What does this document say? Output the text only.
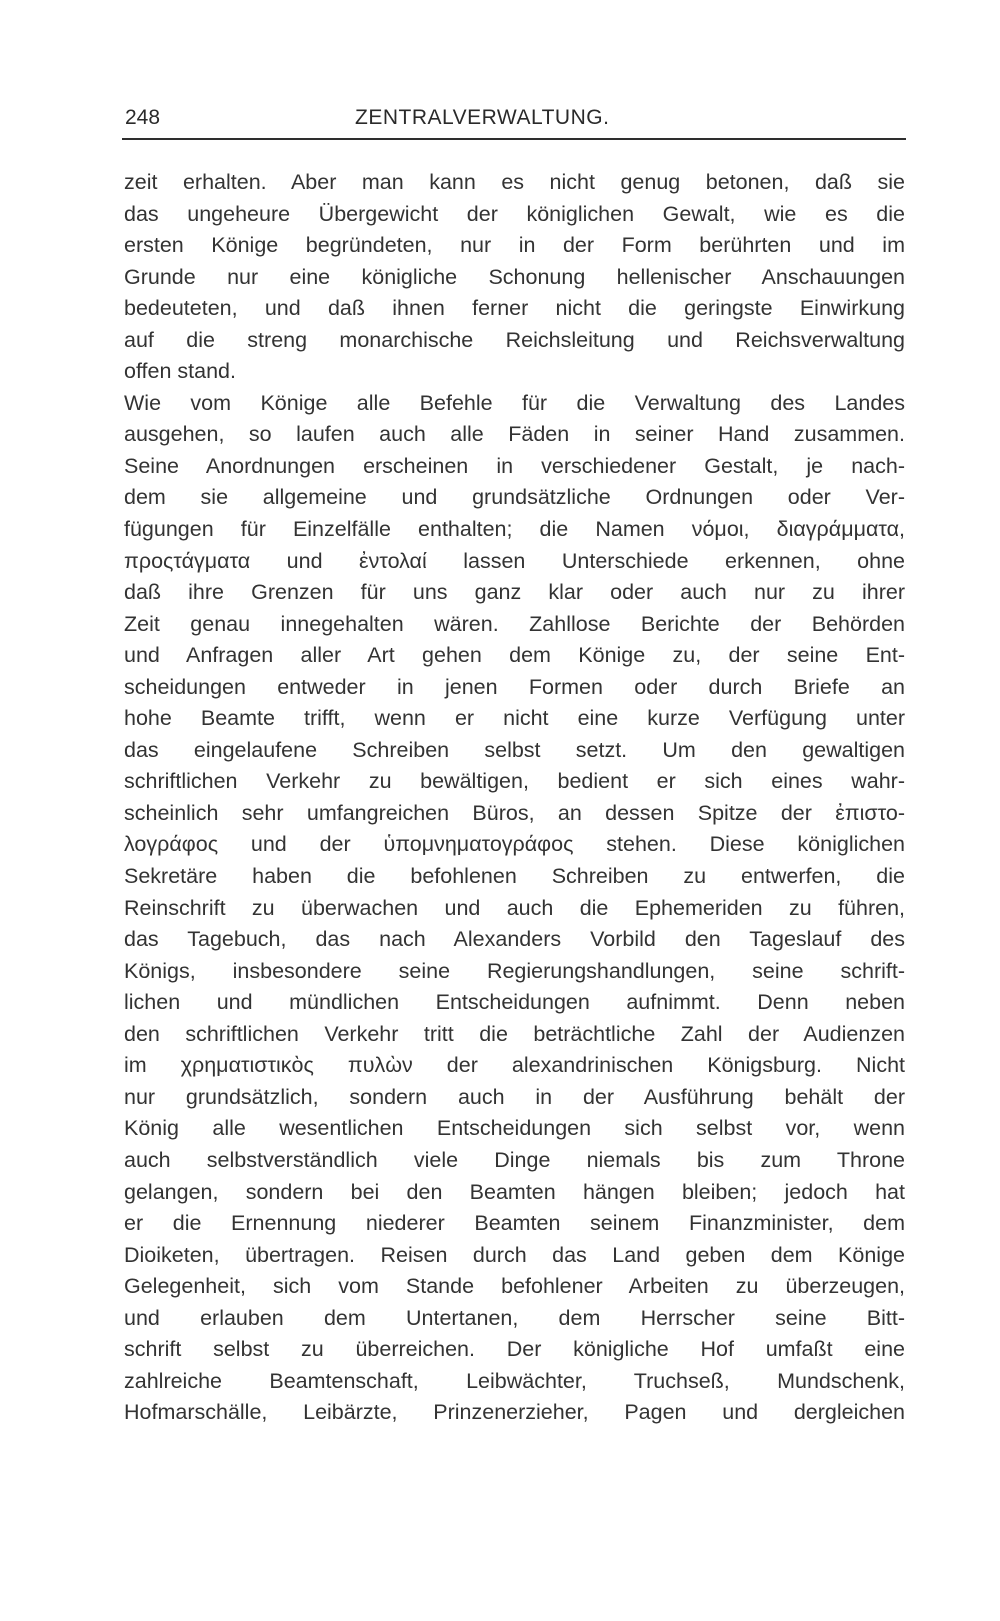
248	ZENTRALVERWALTUNG.
zeit erhalten. Aber man kann es nicht genug betonen, daß sie
das ungeheure Übergewicht der königlichen Gewalt, wie es die
ersten Könige begründeten, nur in der Form berührten und im
Grunde nur eine königliche Schonung hellenischer Anschauungen
bedeuteten, und daß ihnen ferner nicht die geringste Einwirkung
auf die streng monarchische Reichsleitung und Reichsverwaltung
offen stand.
Wie vom Könige alle Befehle für die Verwaltung des Landes
ausgehen, so laufen auch alle Fäden in seiner Hand zusammen.
Seine Anordnungen erscheinen in verschiedener Gestalt, je nach-
dem sie allgemeine und grundsätzliche Ordnungen oder Ver-
fügungen für Einzelfälle enthalten; die Namen νόμοι, διαγράμματα,
προςτάγματα und ἐντολαί lassen Unterschiede erkennen, ohne
daß ihre Grenzen für uns ganz klar oder auch nur zu ihrer
Zeit genau innegehalten wären. Zahllose Berichte der Behörden
und Anfragen aller Art gehen dem Könige zu, der seine Ent-
scheidungen entweder in jenen Formen oder durch Briefe an
hohe Beamte trifft, wenn er nicht eine kurze Verfügung unter
das eingelaufene Schreiben selbst setzt. Um den gewaltigen
schriftlichen Verkehr zu bewältigen, bedient er sich eines wahr-
scheinlich sehr umfangreichen Büros, an dessen Spitze der ἐπιστο-
λογράφος und der ὑπομνηματογράφος stehen. Diese königlichen
Sekretäre haben die befohlenen Schreiben zu entwerfen, die
Reinschrift zu überwachen und auch die Ephemeriden zu führen,
das Tagebuch, das nach Alexanders Vorbild den Tageslauf des
Königs, insbesondere seine Regierungshandlungen, seine schrift-
lichen und mündlichen Entscheidungen aufnimmt. Denn neben
den schriftlichen Verkehr tritt die beträchtliche Zahl der Audienzen
im χρηματιστικὸς πυλὼν der alexandrinischen Königsburg. Nicht
nur grundsätzlich, sondern auch in der Ausführung behält der
König alle wesentlichen Entscheidungen sich selbst vor, wenn
auch selbstverständlich viele Dinge niemals bis zum Throne
gelangen, sondern bei den Beamten hängen bleiben; jedoch hat
er die Ernennung niederer Beamten seinem Finanzminister, dem
Dioiketen, übertragen. Reisen durch das Land geben dem Könige
Gelegenheit, sich vom Stande befohlener Arbeiten zu überzeugen,
und erlauben dem Untertanen, dem Herrscher seine Bitt-
schrift selbst zu überreichen. Der königliche Hof umfaßt eine
zahlreiche Beamtenschaft, Leibwächter, Truchseß, Mundschenk,
Hofmarschälle, Leibärzte, Prinzenerzieher, Pagen und dergleichen
